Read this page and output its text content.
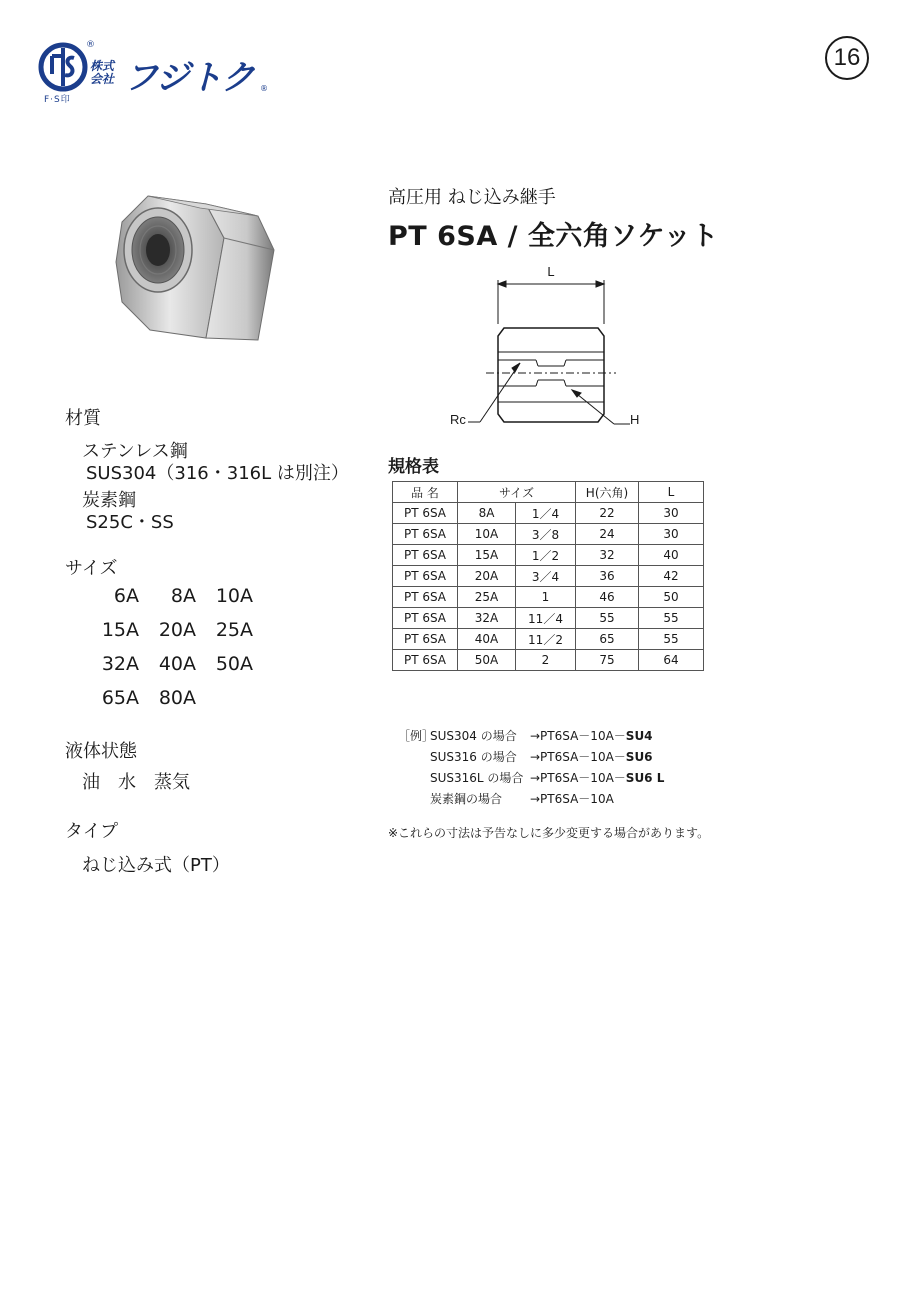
F·S印
®
株式
会社 フジトク ®
16
高圧用 ねじ込み継手
PT 6SA / 全六角ソケット
L
Rc	H
材質
ステンレス鋼
SUS304（316・316L は別注）
炭素鋼
S25C・SS
サイズ
6A 8A 10A
15A 20A 25A
32A 40A 50A
65A 80A
液体状態
油　水　蒸気
タイプ
ねじ込み式（PT）
規格表
品 名	サイズ		H(六角)	L
PT 6SA	8A	1／4	22	30
PT 6SA	10A	3／8	24	30
PT 6SA	15A	1／2	32	40
PT 6SA	20A	3／4	36	42
PT 6SA	25A	1	46	50
PT 6SA	32A	11／4	55	55
PT 6SA	40A	11／2	65	55
PT 6SA	50A	2	75	64
［例］
SUS304 の場合 →PT6SA－10A－SU4
SUS316 の場合 →PT6SA－10A－SU6
SUS316L の場合 →PT6SA－10A－SU6 L
炭素鋼の場合 →PT6SA－10A
※これらの寸法は予告なしに多少変更する場合があります。
